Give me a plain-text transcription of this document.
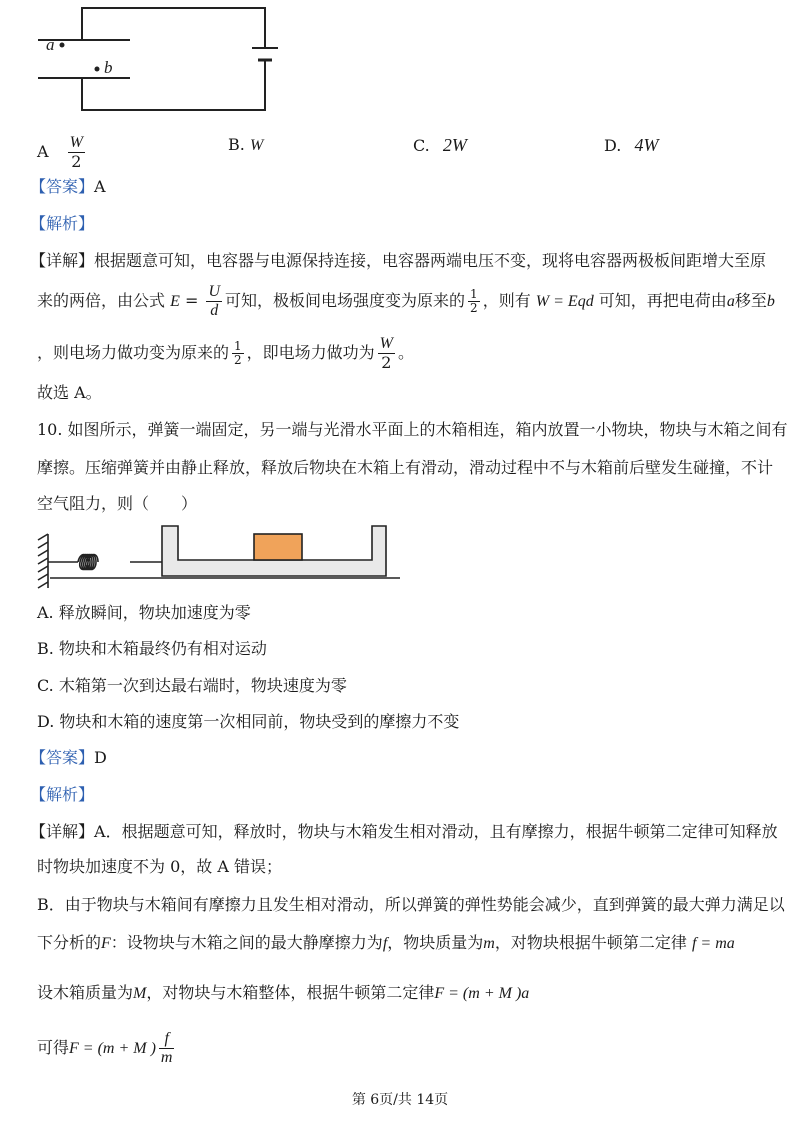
a
b
A $\frac{W}{2}$	B. W	C. 2W	D. 4W
【答案】A
【解析】
【详解】根据题意可知，电容器与电源保持连接，电容器两端电压不变，现将电容器两极板间距增大至原
来的两倍，由公式 $E = \frac{U}{d}$ 可知，极板间电场强度变为原来的 $\frac{1}{2}$ ，则有 W = Eqd 可知，再把电荷由a移至b
，则电场力做功变为原来的 $\frac{1}{2}$ ，即电场力做功为 $\frac{W}{2}$ 。
故选 A。
10. 如图所示，弹簧一端固定，另一端与光滑水平面上的木箱相连，箱内放置一小物块，物块与木箱之间有
摩擦。压缩弹簧并由静止释放，释放后物块在木箱上有滑动，滑动过程中不与木箱前后壁发生碰撞，不计
空气阻力，则（　　）
A. 释放瞬间，物块加速度为零
B. 物块和木箱最终仍有相对运动
C. 木箱第一次到达最右端时，物块速度为零
D. 物块和木箱的速度第一次相同前，物块受到的摩擦力不变
【答案】D
【解析】
【详解】A．根据题意可知，释放时，物块与木箱发生相对滑动，且有摩擦力，根据牛顿第二定律可知释放
时物块加速度不为 0，故 A 错误；
B．由于物块与木箱间有摩擦力且发生相对滑动，所以弹簧的弹性势能会减少，直到弹簧的最大弹力满足以
下分析的F：设物块与木箱之间的最大静摩擦力为f，物块质量为m，对物块根据牛顿第二定律 f = ma
设木箱质量为M，对物块与木箱整体，根据牛顿第二定律F = (m + M )a
可得F = (m + M ) $\frac{f}{m}$
第 6页/共 14页
